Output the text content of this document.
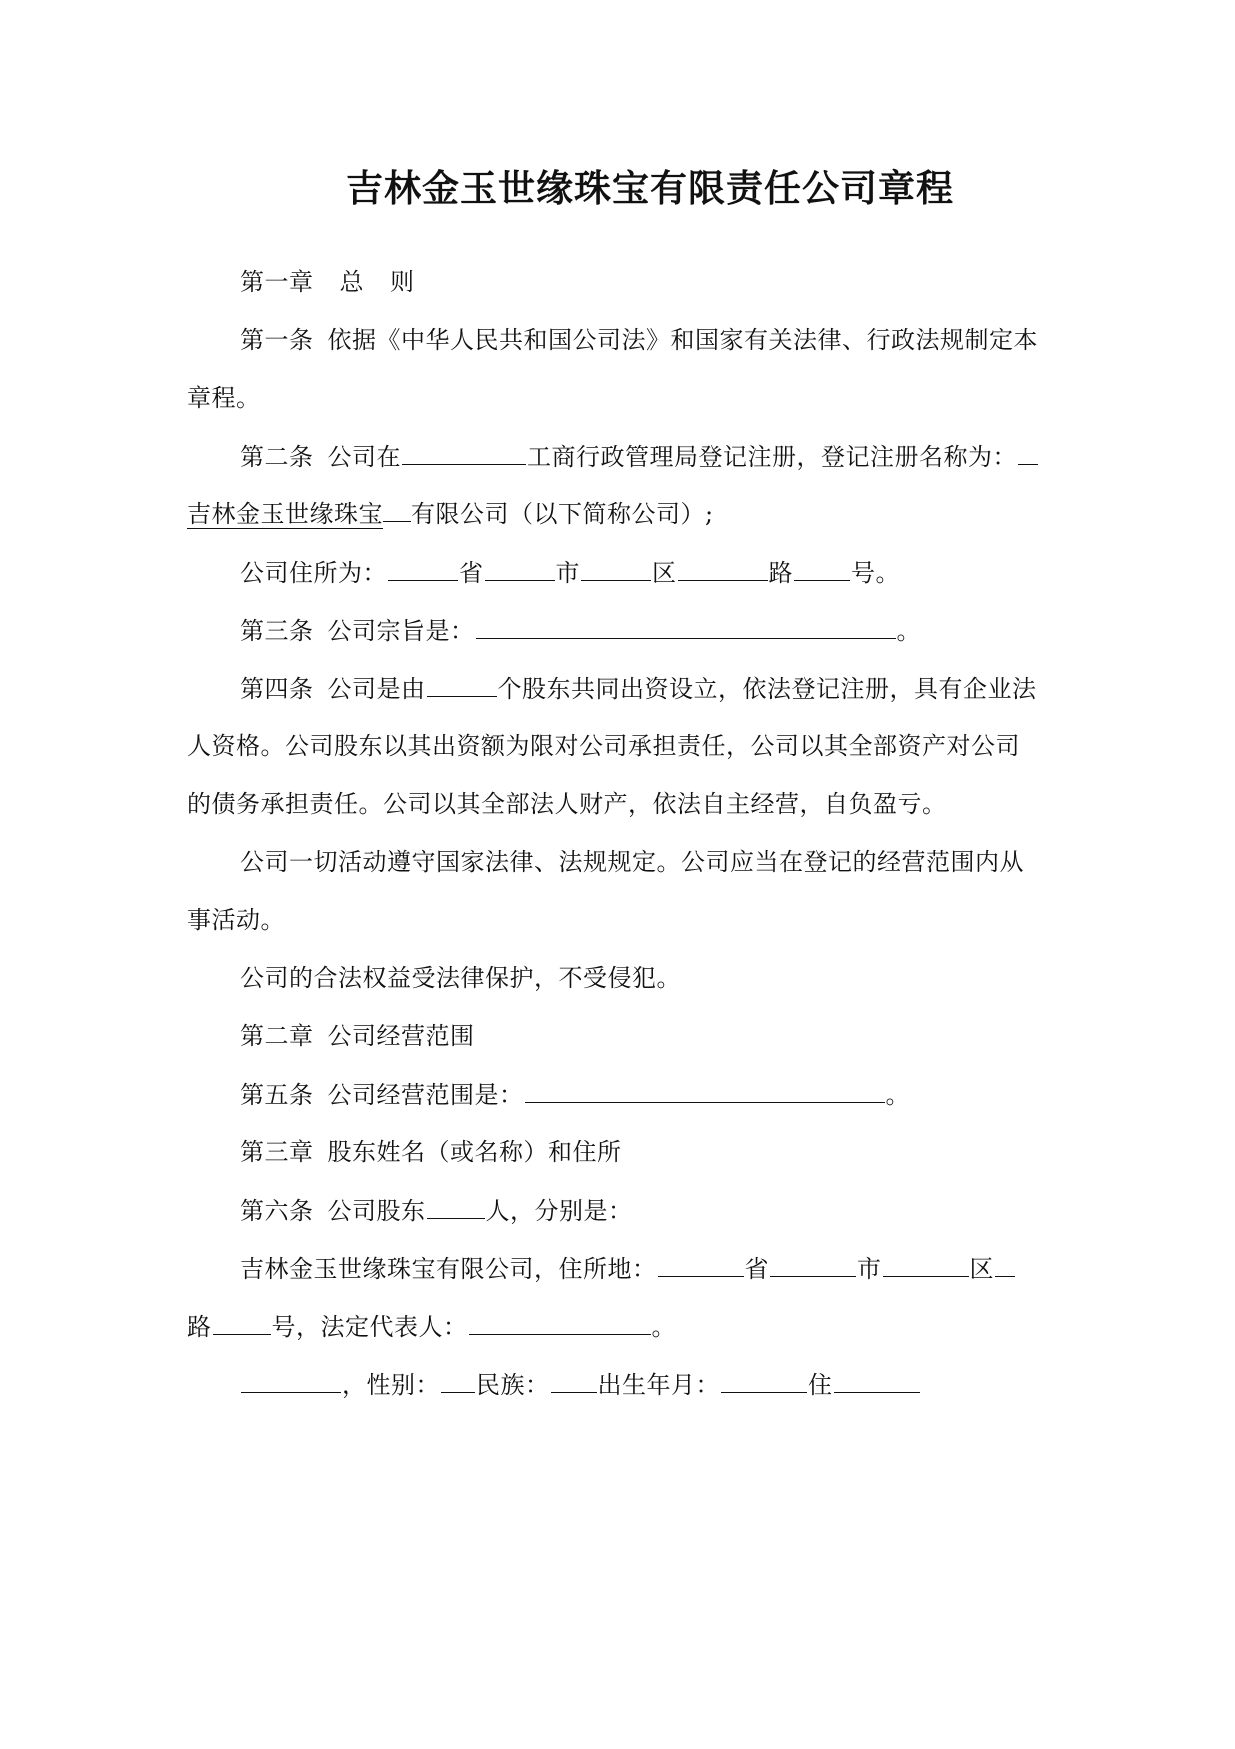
吉林金玉世缘珠宝有限责任公司章程
第一章 总 则
第一条 依据《中华人民共和国公司法》和国家有关法律、行政法规制定本
章程。
第二条 公司在	工商行政管理局登记注册，登记注册名称为：
吉林金玉世缘珠宝 有限公司（以下简称公司）;
公司住所为：	省	市	区	路 号。
第三条 公司宗旨是：	。
第四条 公司是由	个股东共同出资设立，依法登记注册，具有企业法
人资格。公司股东以其出资额为限对公司承担责任，公司以其全部资产对公司
的债务承担责任。公司以其全部法人财产，依法自主经营，自负盈亏。
公司一切活动遵守国家法律、法规规定。公司应当在登记的经营范围内从
事活动。
公司的合法权益受法律保护，不受侵犯。
第二章 公司经营范围
第五条 公司经营范围是：	。
第三章 股东姓名（或名称）和住所
第六条 公司股东	人，分别是：
吉林金玉世缘珠宝有限公司，住所地：	省	市	区
路	号，法定代表人：	。
，性别： 民族： 出生年月：	住
